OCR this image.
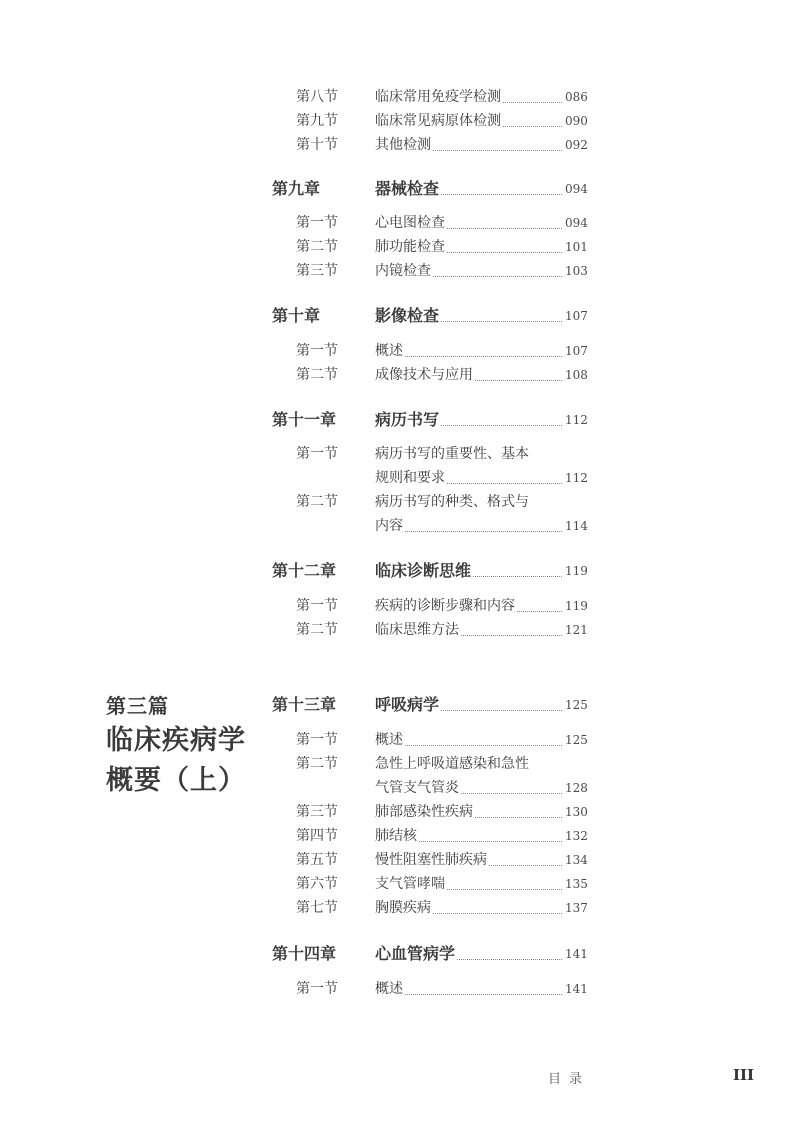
第三篇
临床疾病学
概要（上）
第八节	临床常用免疫学检测	086
第九节	临床常见病原体检测	090
第十节	其他检测	092
第九章	器械检查	094
第一节	心电图检查	094
第二节	肺功能检查	101
第三节	内镜检查	103
第十章	影像检查	107
第一节	概述	107
第二节	成像技术与应用	108
第十一章 病历书写	112
第一节	病历书写的重要性、基本
规则和要求	112
第二节	病历书写的种类、格式与
内容	114
第十二章 临床诊断思维	119
第一节	疾病的诊断步骤和内容	119
第二节	临床思维方法	121
第十三章 呼吸病学	125
第一节	概述	125
第二节	急性上呼吸道感染和急性
气管支气管炎	128
第三节	肺部感染性疾病	130
第四节	肺结核	132
第五节	慢性阻塞性肺疾病	134
第六节	支气管哮喘	135
第七节	胸膜疾病	137
第十四章 心血管病学	141
第一节	概述	141
目录	III
